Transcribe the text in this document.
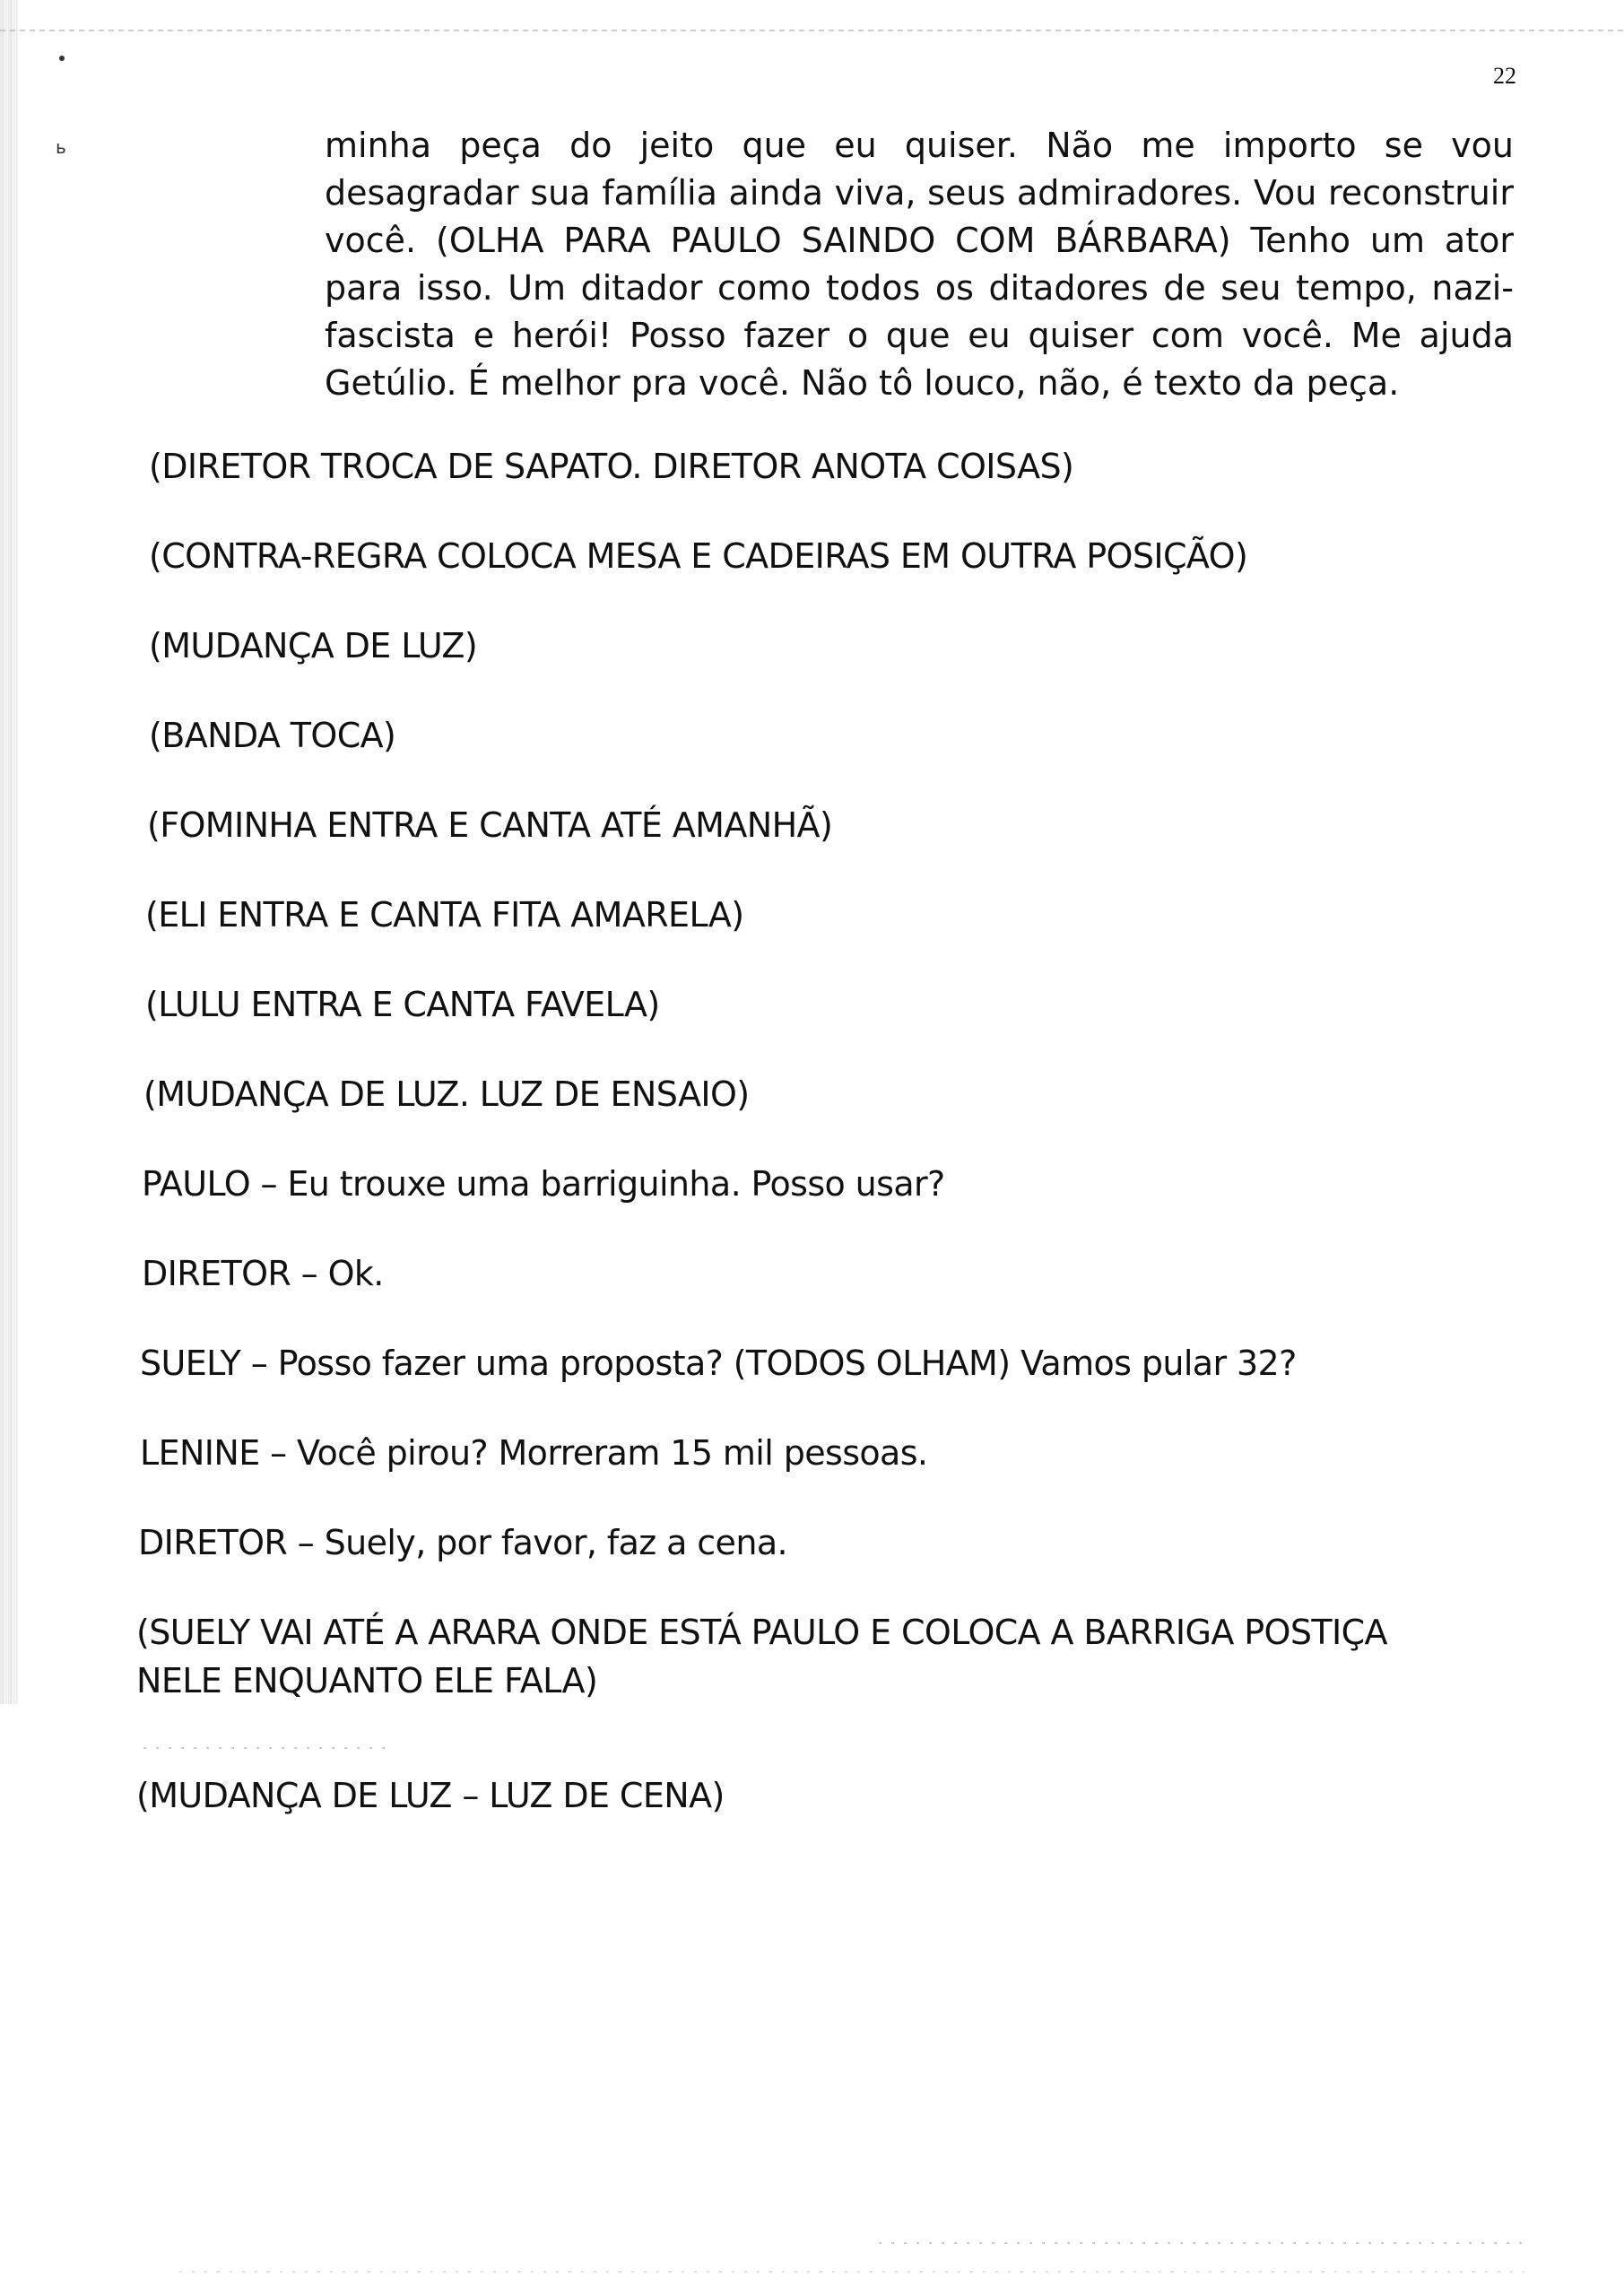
ь
22

minha peça do jeito que eu quiser. Não me importo se vou desagradar sua família ainda viva, seus admiradores. Vou reconstruir você. (OLHA PARA PAULO SAINDO COM BÁRBARA) Tenho um ator para isso. Um ditador como todos os ditadores de seu tempo, nazi-fascista e herói! Posso fazer o que eu quiser com você. Me ajuda Getúlio. É melhor pra você. Não tô louco, não, é texto da peça.

(DIRETOR TROCA DE SAPATO. DIRETOR ANOTA COISAS)

(CONTRA-REGRA COLOCA MESA E CADEIRAS EM OUTRA POSIÇÃO)

(MUDANÇA DE LUZ)

(BANDA TOCA)

(FOMINHA ENTRA E CANTA ATÉ AMANHÃ)

(ELI ENTRA E CANTA FITA AMARELA)

(LULU ENTRA E CANTA FAVELA)

(MUDANÇA DE LUZ. LUZ DE ENSAIO)

PAULO – Eu trouxe uma barriguinha. Posso usar?

DIRETOR – Ok.

SUELY – Posso fazer uma proposta? (TODOS OLHAM) Vamos pular 32?

LENINE – Você pirou? Morreram 15 mil pessoas.

DIRETOR – Suely, por favor, faz a cena.

(SUELY VAI ATÉ A ARARA ONDE ESTÁ PAULO E COLOCA A BARRIGA POSTIÇA

NELE ENQUANTO ELE FALA)

(MUDANÇA DE LUZ – LUZ DE CENA)
